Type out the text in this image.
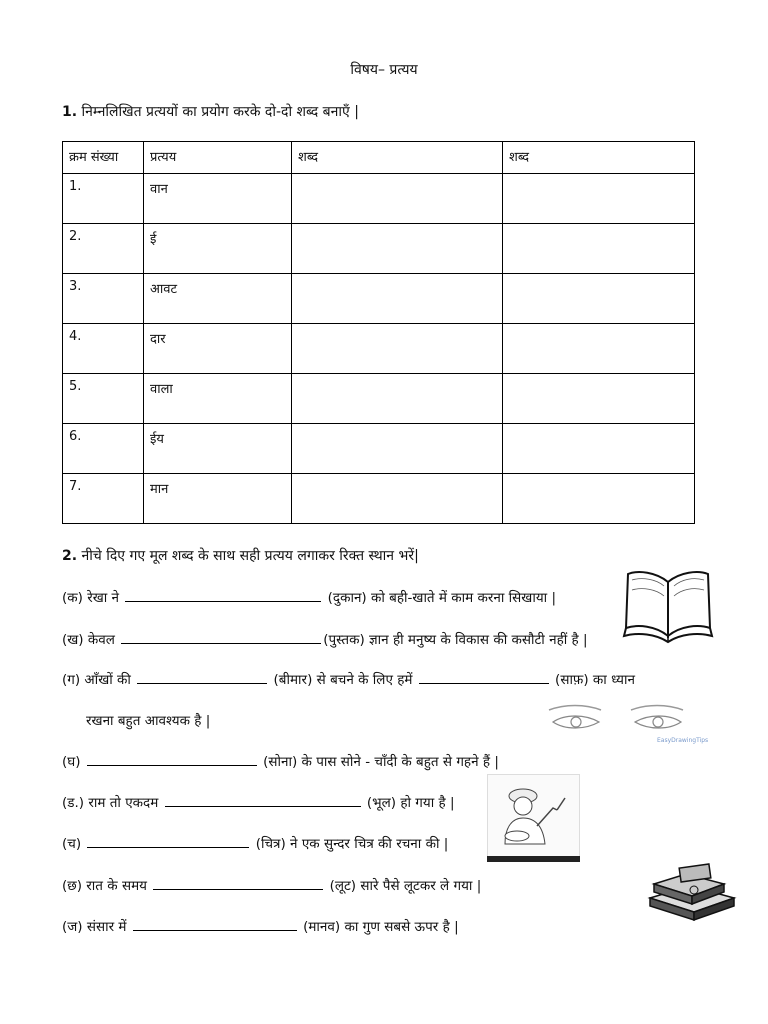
विषय– प्रत्यय
1. निम्नलिखित प्रत्ययों का प्रयोग करके दो-दो शब्द बनाएँ |
क्रम संख्या	प्रत्यय	शब्द	शब्द
1.	वान		
2.	ई		
3.	आवट		
4.	दार		
5.	वाला		
6.	ईय		
7.	मान		
2. नीचे दिए गए मूल शब्द के साथ सही प्रत्यय लगाकर रिक्त स्थान भरें|
(क) रेखा ने	(दुकान) को बही-खाते में काम करना सिखाया |
(ख) केवल	(पुस्तक) ज्ञान ही मनुष्य के विकास की कसौटी नहीं है |
(ग) आँखों की	(बीमार) से बचने के लिए हमें	(साफ़) का ध्यान
रखना बहुत आवश्यक है |
(घ)	(सोना) के पास सोने - चाँदी के बहुत से गहने हैं |
(ड.) राम तो एकदम	(भूल) हो गया है |
(च)	(चित्र) ने एक सुन्दर चित्र की रचना की |
(छ) रात के समय	(लूट) सारे पैसे लूटकर ले गया |
(ज) संसार में	(मानव) का गुण सबसे ऊपर है |
EasyDrawingTips
